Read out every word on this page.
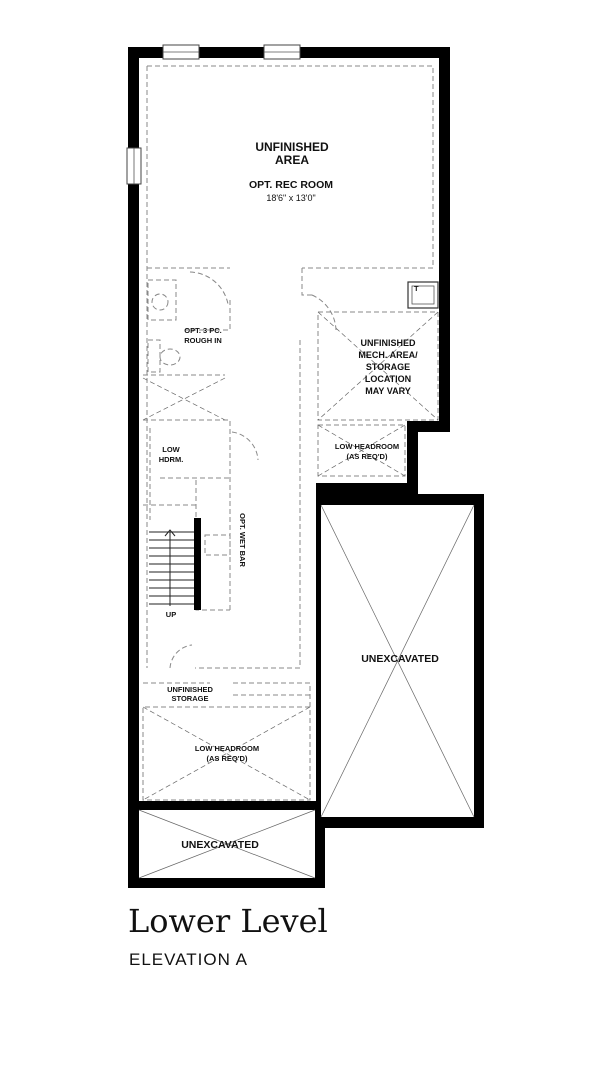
UNFINISHED
AREA
OPT. REC ROOM
18'6" x 13'0"
OPT. 3 PC.
ROUGH IN
LOW
HDRM.
OPT. WET BAR
UP
UNFINISHED
MECH. AREA/
STORAGE
LOCATION
MAY VARY
T
LOW HEADROOM
(AS REQ'D)
UNEXCAVATED
UNFINISHED
STORAGE
LOW HEADROOM
(AS REQ'D)
UNEXCAVATED
Lower Level
ELEVATION A
